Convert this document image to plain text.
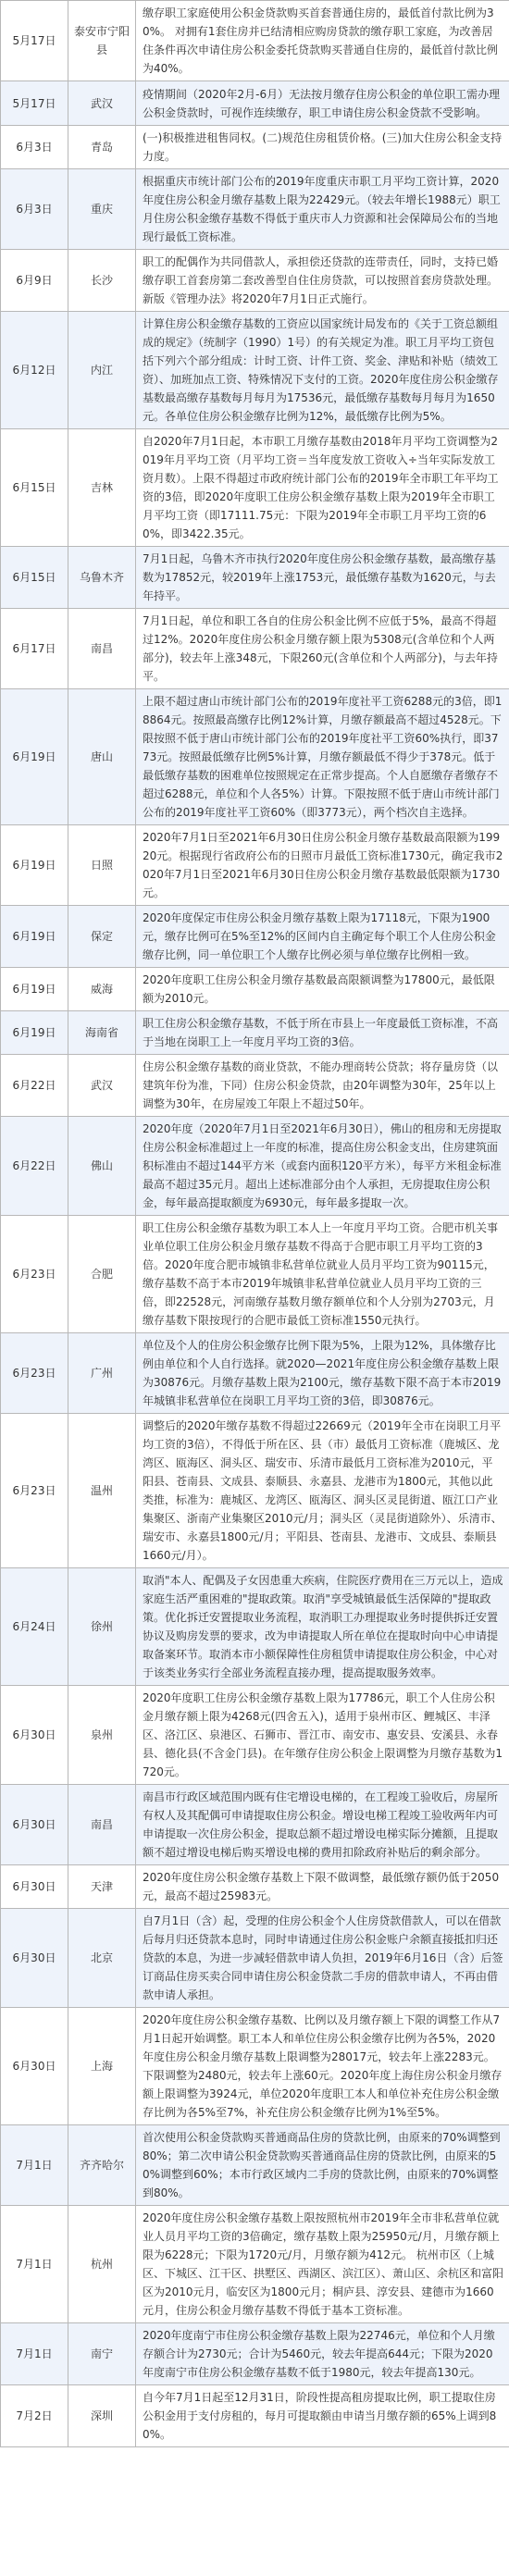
5月17日	泰安市宁阳县	缴存职工家庭使用公积金贷款购买首套普通住房的，最低首付款比例为30%。 对拥有1套住房并已结清相应购房贷款的缴存职工家庭，为改善居住条件再次申请住房公积金委托贷款购买普通自住房的，最低首付款比例为40%。
5月17日	武汉	疫情期间（2020年2月-6月）无法按月缴存住房公积金的单位职工需办理公积金贷款时，可视作连续缴存，职工申请住房公积金贷款不受影响。
6月3日	青岛	(一)积极推进租售同权。(二)规范住房租赁价格。(三)加大住房公积金支持力度。
6月3日	重庆	根据重庆市统计部门公布的2019年度重庆市职工月平均工资计算，2020年度住房公积金月缴存基数上限为22429元。（较去年增长1988元）职工月住房公积金缴存基数不得低于重庆市人力资源和社会保障局公布的当地现行最低工资标准。
6月9日	长沙	职工的配偶作为共同借款人，承担偿还贷款的连带责任，同时，支持已婚缴存职工首套房第二套改善型自住住房贷款，可以按照首套房贷款处理。新版《管理办法》将2020年7月1日正式施行。
6月12日	内江	计算住房公积金缴存基数的工资应以国家统计局发布的《关于工资总额组成的规定》（统制字（1990）1号）的有关规定为准。职工月平均工资包括下列六个部分组成：计时工资、计件工资、奖金、津贴和补贴（绩效工资）、加班加点工资、特殊情况下支付的工资。2020年度住房公积金缴存基数最高缴存基数每月每月为17536元，最低缴存基数每月每月为1650元。各单位住房公积金缴存比例为12%，最低缴存比例为5%。
6月15日	吉林	自2020年7月1日起，本市职工月缴存基数由2018年月平均工资调整为2019年月平均工资（月平均工资＝当年度发放工资收入÷当年实际发放工资月数）。上限不得超过市政府统计部门公布的2019年全市职工年平均工资的3倍，即2020年度职工住房公积金缴存基数上限为2019年全市职工月平均工资（即17111.75元：下限为2019年全市职工月平均工资的60%，即3422.35元。
6月15日	乌鲁木齐	7月1日起，乌鲁木齐市执行2020年度住房公积金缴存基数，最高缴存基数为17852元，较2019年上涨1753元，最低缴存基数为1620元，与去年持平。
6月17日	南昌	7月1日起，单位和职工各自的住房公积金比例不应低于5%，最高不得超过12%。2020年度住房公积金月缴存额上限为5308元(含单位和个人两部分)，较去年上涨348元，下限260元(含单位和个人两部分)，与去年持平。
6月19日	唐山	上限不超过唐山市统计部门公布的2019年度社平工资6288元的3倍，即18864元。按照最高缴存比例12%计算，月缴存额最高不超过4528元。下限按照不低于唐山市统计部门公布的2019年度社平工资60%执行，即3773元。按照最低缴存比例5%计算，月缴存额最低不得少于378元。低于最低缴存基数的困难单位按照规定在正常步提高。个人自愿缴存者缴存不超过6288元，单位和个人各5%）计算。下限按照不低于唐山市统计部门公布的2019年度社平工资60%（即3773元），两个档次自主选择。
6月19日	日照	2020年7月1日至2021年6月30日住房公积金月缴存基数最高限额为19920元。根据现行省政府公布的日照市月最低工资标准1730元，确定我市2020年7月1日至2021年6月30日住房公积金月缴存基数最低限额为1730元。
6月19日	保定	2020年度保定市住房公积金月缴存基数上限为17118元，下限为1900元，缴存比例可在5%至12%的区间内自主确定每个职工个人住房公积金缴存比例，同一单位职工个人缴存比例必须与单位缴存比例相一致。
6月19日	威海	2020年度职工住房公积金月缴存基数最高限额调整为17800元，最低限额为2010元。
6月19日	海南省	职工住房公积金缴存基数，不低于所在市县上一年度最低工资标准，不高于当地在岗职工上一年度月平均工资的3倍。
6月22日	武汉	住房公积金缴存基数的商业贷款，不能办理商转公贷款；将存量房贷（以建筑年份为准，下同）住房公积金贷款，由20年调整为30年，25年以上调整为30年，在房屋竣工年限上不超过50年。
6月22日	佛山	2020年度（2020年7月1日至2021年6月30日），佛山的租房和无房提取住房公积金标准超过上一年度的标准，提高住房公积金支出，住房建筑面积标准由不超过144平方米（或套内面积120平方米），每平方米租金标准最高不超过35元月。超出上述标准部分由个人承担，无房提取住房公积金，每年最高提取额度为6930元，每年最多提取一次。
6月23日	合肥	职工住房公积金缴存基数为职工本人上一年度月平均工资。合肥市机关事业单位职工住房公积金月缴存基数不得高于合肥市职工月平均工资的3倍。2020年度合肥市城镇非私营单位就业人员月平均工资为90115元，缴存基数不高于本市2019年城镇非私营单位就业人员月平均工资的三倍，即22528元，河南缴存基数月缴存额单位和个人分别为2703元，月缴存基数下限按现行的合肥市最低工资标准1550元执行。
6月23日	广州	单位及个人的住房公积金缴存比例下限为5%，上限为12%，具体缴存比例由单位和个人自行选择。就2020—2021年度住房公积金缴存基数上限为30876元。月缴存基数上限为2100元，缴存基数下限不高于本市2019年城镇非私营单位在岗职工月平均工资的3倍，即30876元。
6月23日	温州	调整后的2020年缴存基数不得超过22669元（2019年全市在岗职工月平均工资的3倍），不得低于所在区、县（市）最低月工资标准（鹿城区、龙湾区、瓯海区、洞头区、瑞安市、乐清市最低月工资标准为2010元，平阳县、苍南县、文成县、泰顺县、永嘉县、龙港市为1800元，其他以此类推，标准为：鹿城区、龙湾区、瓯海区、洞头区灵昆街道、瓯江口产业集聚区、浙南产业集聚区2010元/月；洞头区（灵昆街道除外）、乐清市、瑞安市、永嘉县1800元/月；平阳县、苍南县、龙港市、文成县、泰顺县1660元/月）。
6月24日	徐州	取消"本人、配偶及子女因患重大疾病，住院医疗费用在三万元以上，造成家庭生活严重困难的"提取政策。取消"享受城镇最低生活保障的"提取政策。优化拆迁安置提取业务流程，取消职工办理提取业务时提供拆迁安置协议及购房发票的要求，改为申请提取人所在单位在提取时向中心申请提取备案环节。取消本市小额保障性住房租赁申请提取住房公积金，中心对于该类业务实行全部业务流程直接办理，提高提取服务效率。
6月30日	泉州	2020年度职工住房公积金缴存基数上限为17786元，职工个人住房公积金月缴存额上限为4268元(四舍五入)，适用于泉州市区、鲤城区、丰泽区、洛江区、泉港区、石狮市、晋江市、南安市、惠安县、安溪县、永春县、德化县(不含金门县)。在年缴存住房公积金上限调整为月缴存基数为1720元。
6月30日	南昌	南昌市行政区域范围内既有住宅增设电梯的，在工程竣工验收后，房屋所有权人及其配偶可申请提取住房公积金。增设电梯工程竣工验收两年内可申请提取一次住房公积金，提取总额不超过增设电梯实际分摊额，且提取额不超过增设电梯后购买增设电梯的费用扣除政府补贴后的剩余部分。
6月30日	天津	2020年度住房公积金缴存基数上下限不做调整，最低缴存额仍低于2050元，最高不超过25983元。
6月30日	北京	自7月1日（含）起，受理的住房公积金个人住房贷款借款人，可以在借款后每月归还贷款本息时，同时申请通过住房公积金账户余额直接抵扣归还贷款的本息，为进一步减轻借款申请人负担，2019年6月16日（含）后签订商品住房买卖合同申请住房公积金贷款二手房的借款申请人，不再由借款申请人承担。
6月30日	上海	2020年度住房公积金缴存基数、比例以及月缴存额上下限的调整工作从7月1日起开始调整。职工本人和单位住房公积金缴存比例为各5%，2020年度住房公积金月缴存基数上限调整为28017元，较去年上涨2283元。下限调整为2480元，较去年上涨60元。2020年度上海住房公积金月缴存额上限调整为3924元，单位2020年度职工本人和单位补充住房公积金缴存比例为各5%至7%，补充住房公积金缴存比例为1%至5%。
7月1日	齐齐哈尔	首次使用公积金贷款购买普通商品住房的贷款比例，由原来的70%调整到80%；第二次申请公积金贷款购买普通商品住房的贷款比例，由原来的50%调整到60%；本市行政区域内二手房的贷款比例，由原来的70%调整到80%。
7月1日	杭州	2020年度住房公积金缴存基数上限按照杭州市2019年全市非私营单位就业人员月平均工资的3倍确定，缴存基数上限为25950元/月，月缴存额上限为6228元；下限为1720元/月，月缴存额为412元。 杭州市区（上城区、下城区、江干区、拱墅区、西湖区、滨江区）、萧山区、余杭区和富阳区为2010元月，临安区为1800元月；桐庐县、淳安县、建德市为1660元月，住房公积金月缴存基数不得低于基本工资标准。
7月1日	南宁	2020年度南宁市住房公积金缴存基数上限为22746元，单位和个人月缴存额合计为2730元；合计为5460元，较去年提高644元；下限为2020年度南宁市住房公积金缴存基数不低于1980元，较去年提高130元。
7月2日	深圳	自今年7月1日起至12月31日，阶段性提高租房提取比例，职工提取住房公积金用于支付房租的，每月可提取额由申请当月缴存额的65%上调到80%。
